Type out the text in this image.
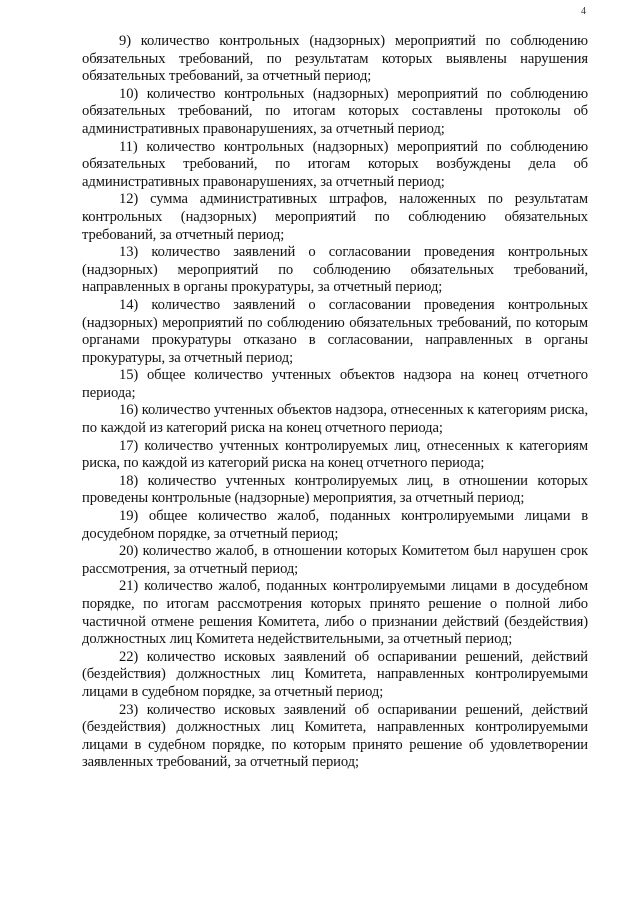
4

9) количество контрольных (надзорных) мероприятий по соблюдению обязательных требований, по результатам которых выявлены нарушения обязательных требований, за отчетный период;

10) количество контрольных (надзорных) мероприятий по соблюдению обязательных требований, по итогам которых составлены протоколы об административных правонарушениях, за отчетный период;

11) количество контрольных (надзорных) мероприятий по соблюдению обязательных требований, по итогам которых возбуждены дела об административных правонарушениях, за отчетный период;

12) сумма административных штрафов, наложенных по результатам контрольных (надзорных) мероприятий по соблюдению обязательных требований, за отчетный период;

13) количество заявлений о согласовании проведения контрольных (надзорных) мероприятий по соблюдению обязательных требований, направленных в органы прокуратуры, за отчетный период;

14) количество заявлений о согласовании проведения контрольных (надзорных) мероприятий по соблюдению обязательных требований, по которым органами прокуратуры отказано в согласовании, направленных в органы прокуратуры, за отчетный период;

15) общее количество учтенных объектов надзора на конец отчетного периода;

16) количество учтенных объектов надзора, отнесенных к категориям риска, по каждой из категорий риска на конец отчетного периода;

17) количество учтенных контролируемых лиц, отнесенных к категориям риска, по каждой из категорий риска на конец отчетного периода;

18) количество учтенных контролируемых лиц, в отношении которых проведены контрольные (надзорные) мероприятия, за отчетный период;

19) общее количество жалоб, поданных контролируемыми лицами в досудебном порядке, за отчетный период;

20) количество жалоб, в отношении которых Комитетом был нарушен срок рассмотрения, за отчетный период;

21) количество жалоб, поданных контролируемыми лицами в досудебном порядке, по итогам рассмотрения которых принято решение о полной либо частичной отмене решения Комитета, либо о признании действий (бездействия) должностных лиц Комитета недействительными, за отчетный период;

22) количество исковых заявлений об оспаривании решений, действий (бездействия) должностных лиц Комитета, направленных контролируемыми лицами в судебном порядке, за отчетный период;

23) количество исковых заявлений об оспаривании решений, действий (бездействия) должностных лиц Комитета, направленных контролируемыми лицами в судебном порядке, по которым принято решение об удовлетворении заявленных требований, за отчетный период;
